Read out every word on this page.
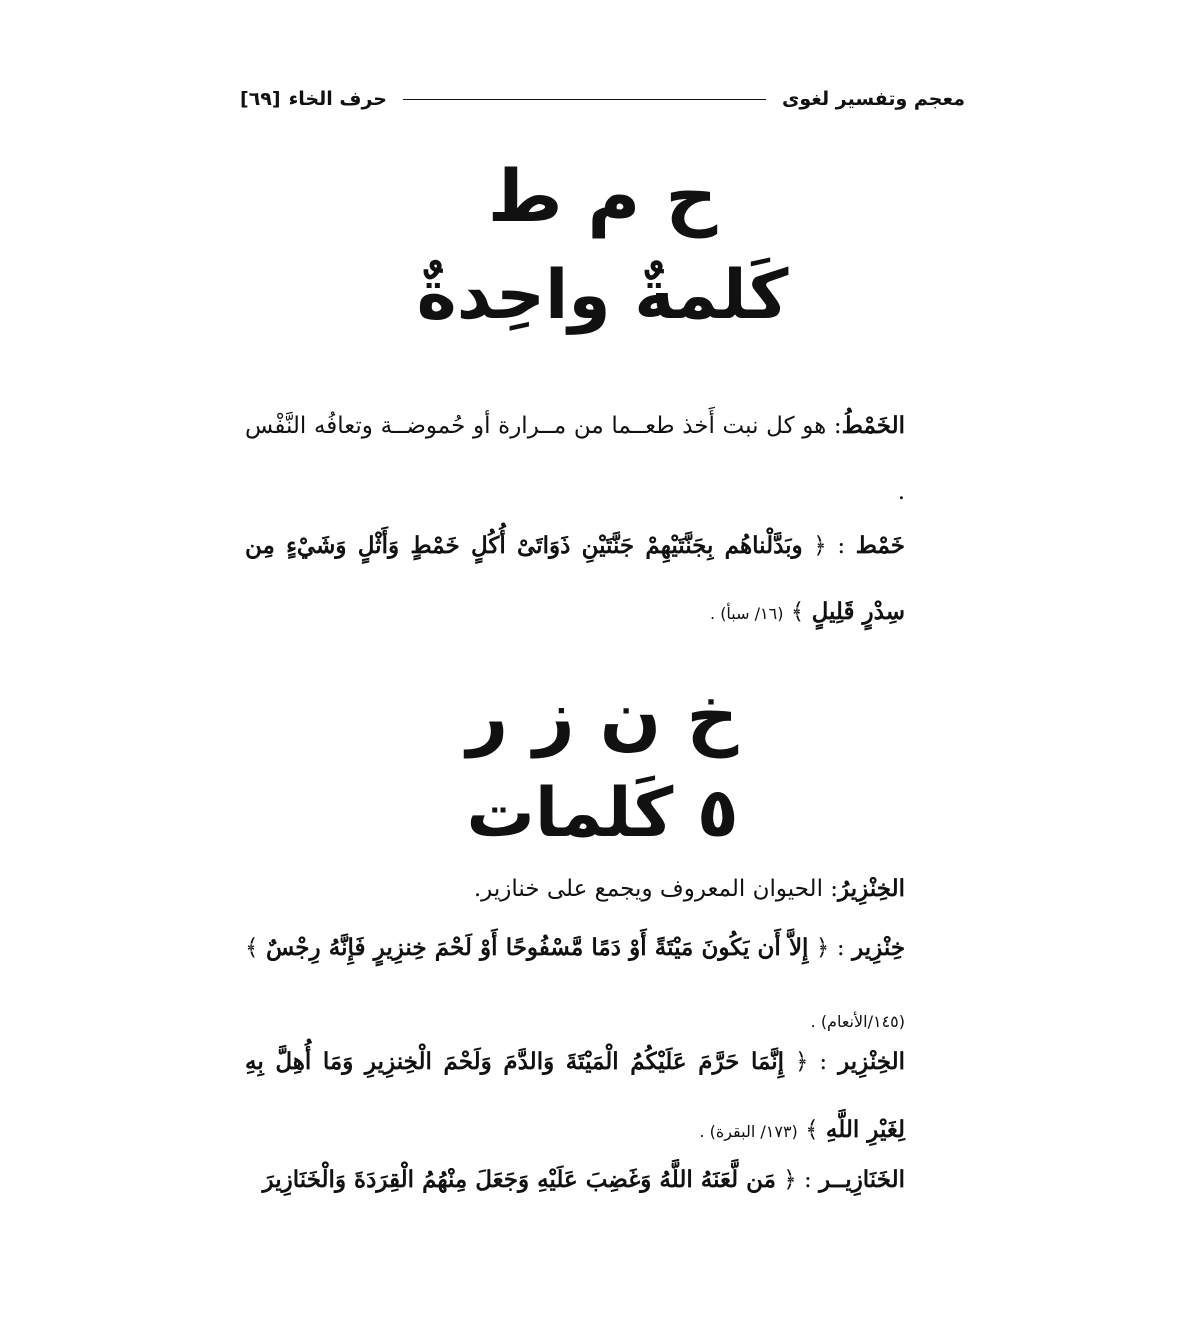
معجم وتفسير لغوى
حرف الخاء
[٦٩]
ح م ط
كَلمةٌ واحِدةٌ
الخَمْطُ: هو كل نبت أَخذ طعــما من مــرارة أو حُموضــة وتعافُه النَّفْس .
خَمْط : ﴿ وبَدَّلْناهُم بِجَنَّتَيْهِمْ جَنَّتَيْنِ ذَوَاتَىْ أُكُلٍ خَمْطٍ وَأَثْلٍ وَشَيْءٍ مِن سِدْرٍ قَلِيلٍ ﴾ (١٦/ سبأ) .
خ ن ز ر
٥ كَلمات
الخِنْزِيرُ: الحيوان المعروف ويجمع على خنازير.
خِنْزِير : ﴿ إِلاَّ أَن يَكُونَ مَيْتَةً أَوْ دَمًا مَّسْفُوحًا أَوْ لَحْمَ خِنزِيرٍ فَإِنَّهُ رِجْسٌ ﴾ (١٤٥/الأنعام) .
الخِنْزِير : ﴿ إِنَّمَا حَرَّمَ عَلَيْكُمُ الْمَيْتَةَ وَالدَّمَ وَلَحْمَ الْخِنزِيرِ وَمَا أُهِلَّ بِهِ لِغَيْرِ اللَّهِ ﴾ (١٧٣/ البقرة) .
الخَنَازِيــر : ﴿ مَن لَّعَنَهُ اللَّهُ وَغَضِبَ عَلَيْهِ وَجَعَلَ مِنْهُمُ الْقِرَدَةَ وَالْخَنَازِيرَ
